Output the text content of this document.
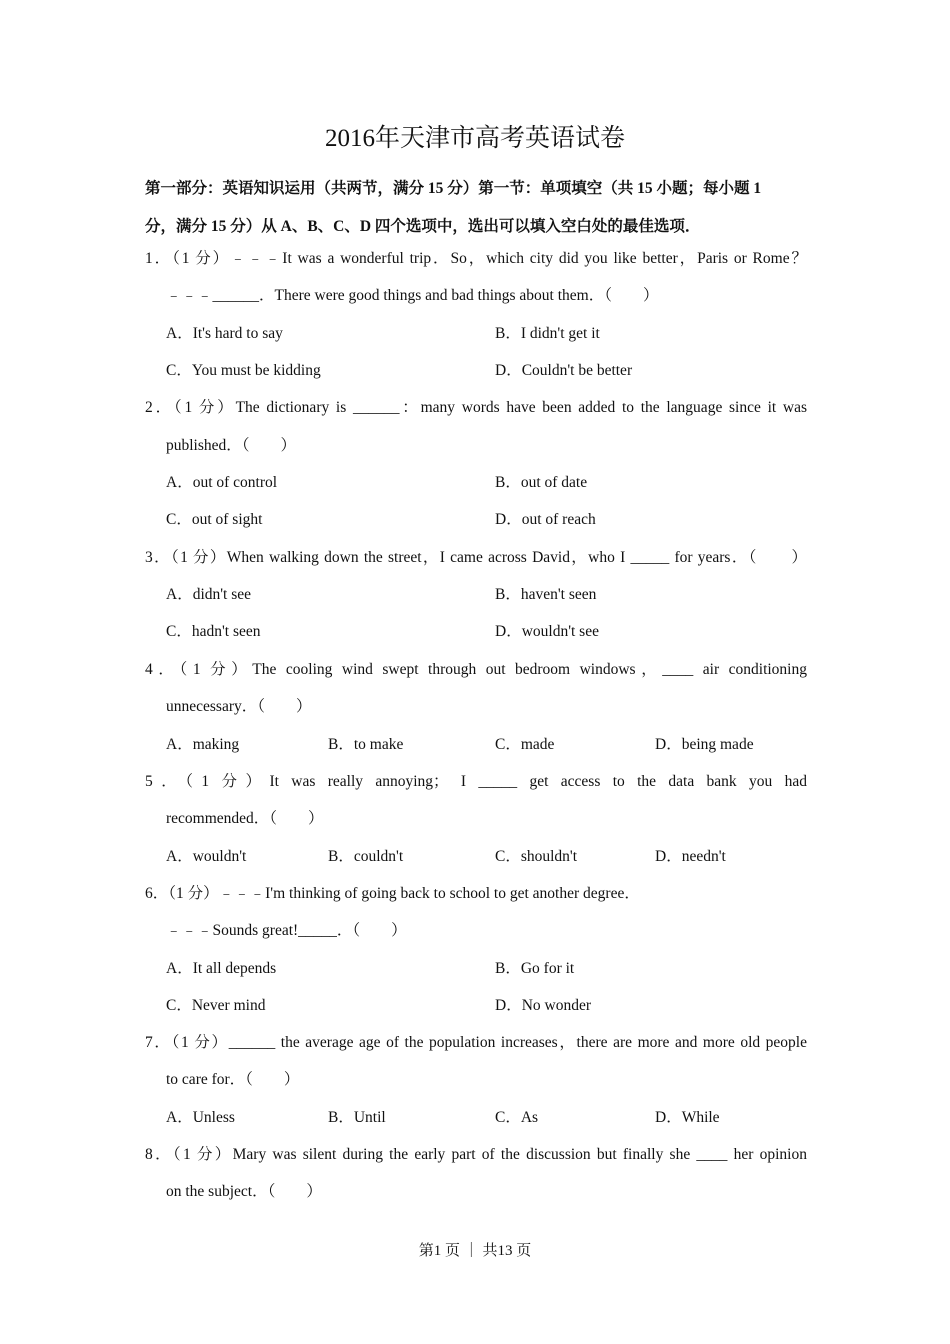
2016年天津市高考英语试卷
第一部分：英语知识运用（共两节，满分 15 分）第一节：单项填空（共 15 小题；每小题 1
分，满分 15 分）从 A、B、C、D 四个选项中，选出可以填入空白处的最佳选项．
1．（1 分）﹣﹣﹣It was a wonderful trip．So，which city did you like better，Paris or Rome？
﹣﹣﹣______．There were good things and bad things about them．（　　）
A．It's hard to say	B．I didn't get it
C．You must be kidding	D．Couldn't be better
2．（1 分）The dictionary is ______：many words have been added to the language since it was
published．（　　）
A．out of control	B．out of date
C．out of sight	D．out of reach
3．（1 分）When walking down the street，I came across David，who I _____ for years．（　　）
A．didn't see	B．haven't seen
C．hadn't seen	D．wouldn't see
4．（1 分）The cooling wind swept through out bedroom windows，____ air conditioning
unnecessary．（　　）
A．making	B．to make	C．made	D．being made
5．（1 分）It was really annoying； I _____ get access to the data bank you had
recommended．（　　）
A．wouldn't	B．couldn't	C．shouldn't	D．needn't
6．（1 分）﹣﹣﹣I'm thinking of going back to school to get another degree．
﹣﹣﹣Sounds great!_____．（　　）
A．It all depends	B．Go for it
C．Never mind	D．No wonder
7．（1 分）______ the average age of the population increases，there are more and more old people
to care for．（　　）
A．Unless	B．Until	C．As	D．While
8．（1 分）Mary was silent during the early part of the discussion but finally she ____ her opinion
on the subject．（　　）
第1 页 ｜ 共13 页
